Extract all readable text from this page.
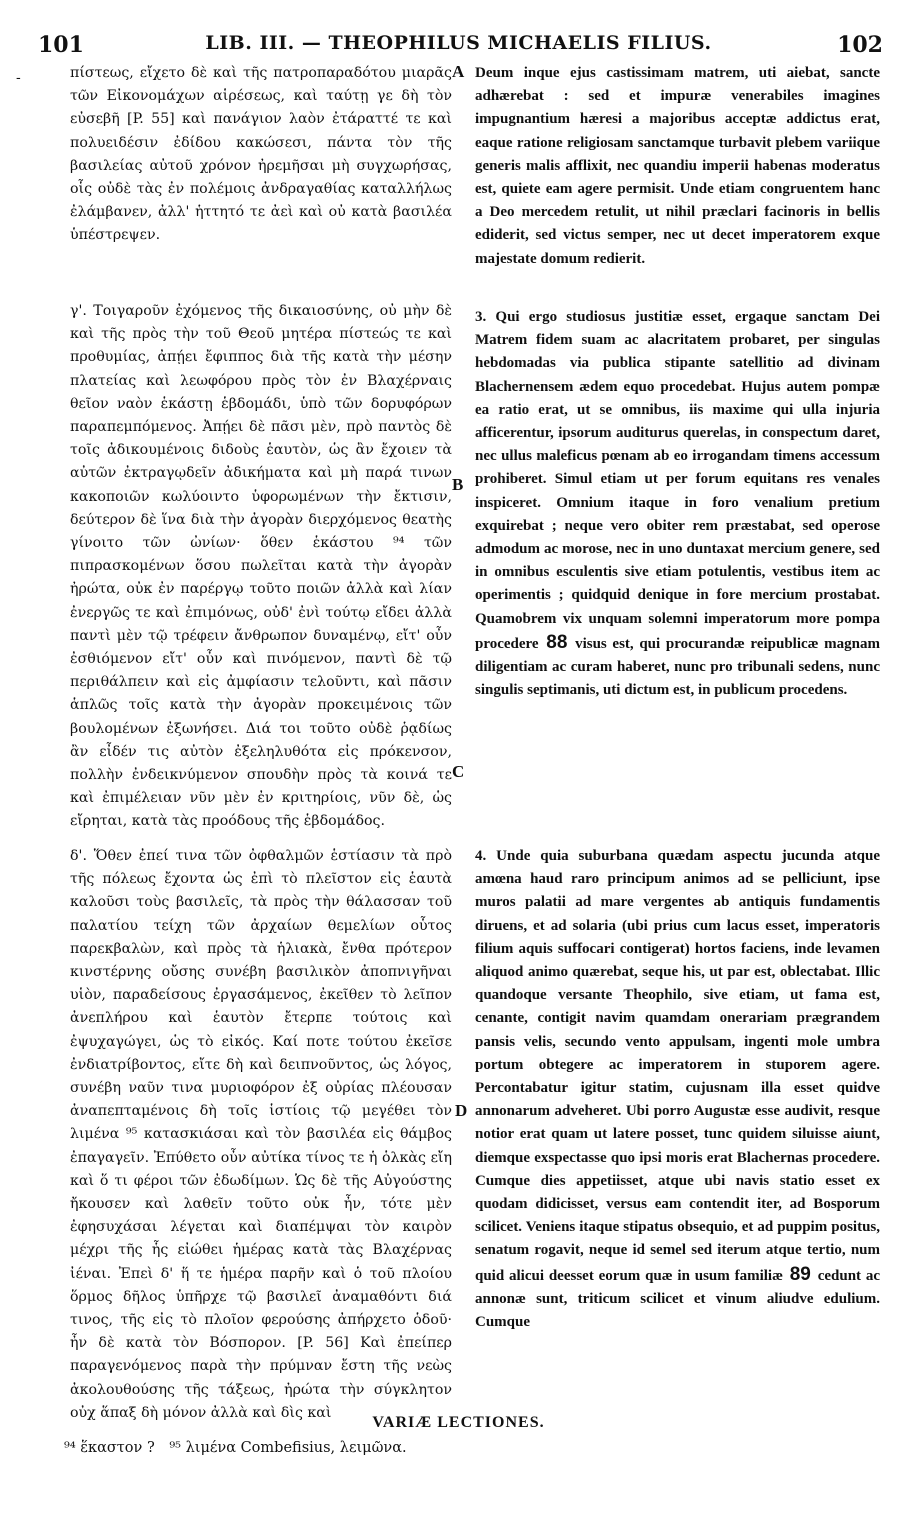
101	LIB. III. — THEOPHILUS MICHAELIS FILIUS.	102
-	A
B
C
D

πίστεως, εἴχετο δὲ καὶ τῆς πατροπαραδότου μιαρᾶς τῶν Εἰκονομάχων αἱρέσεως, καὶ ταύτῃ γε δὴ τὸν εὐσεβῆ [P. 55] καὶ πανάγιον λαὸν ἐτάραττέ τε καὶ πολυειδέσιν ἐδίδου κακώσεσι, πάντα τὸν τῆς βασιλείας αὐτοῦ χρόνον ἠρεμῆσαι μὴ συγχωρήσας, οἷς οὐδὲ τὰς ἐν πολέμοις ἀνδραγαθίας καταλλήλως ἐλάμβανεν, ἀλλ' ἡττητό τε ἀεὶ καὶ οὐ κατὰ βασιλέα ὑπέστρεψεν.

γ'. Τοιγαροῦν ἐχόμενος τῆς δικαιοσύνης, οὐ μὴν δὲ καὶ τῆς πρὸς τὴν τοῦ Θεοῦ μητέρα πίστεώς τε καὶ προθυμίας, ἀπῄει ἔφιππος διὰ τῆς κατὰ τὴν μέσην πλατείας καὶ λεωφόρου πρὸς τὸν ἐν Βλαχέρναις θεῖον ναὸν ἑκάστῃ ἑβδομάδι, ὑπὸ τῶν δορυφόρων παραπεμπόμενος. Ἀπῄει δὲ πᾶσι μὲν, πρὸ παντὸς δὲ τοῖς ἀδικουμένοις διδοὺς ἑαυτὸν, ὡς ἂν ἔχοιεν τὰ αὐτῶν ἐκτραγῳδεῖν ἀδικήματα καὶ μὴ παρά τινων κακοποιῶν κωλύοιντο ὑφορωμένων τὴν ἔκτισιν, δεύτερον δὲ ἵνα διὰ τὴν ἀγορὰν διερχόμενος θεατὴς γίνοιτο τῶν ὠνίων· ὅθεν ἑκάστου ⁹⁴ τῶν πιπρασκομένων ὅσου πωλεῖται κατὰ τὴν ἀγορὰν ἠρώτα, οὐκ ἐν παρέργῳ τοῦτο ποιῶν ἀλλὰ καὶ λίαν ἐνεργῶς τε καὶ ἐπιμόνως, οὐδ' ἐνὶ τούτῳ εἴδει ἀλλὰ παντὶ μὲν τῷ τρέφειν ἄνθρωπον δυναμένῳ, εἴτ' οὖν ἐσθιόμενον εἴτ' οὖν καὶ πινόμενον, παντὶ δὲ τῷ περιθάλπειν καὶ εἰς ἀμφίασιν τελοῦντι, καὶ πᾶσιν ἁπλῶς τοῖς κατὰ τὴν ἀγορὰν προκειμένοις τῶν βουλομένων ἐξωνήσει. Διά τοι τοῦτο οὐδὲ ῥᾳδίως ἂν εἶδέν τις αὐτὸν ἐξεληλυθότα εἰς πρόκενσον, πολλὴν ἐνδεικνύμενον σπουδὴν πρὸς τὰ κοινά τε καὶ ἐπιμέλειαν νῦν μὲν ἐν κριτηρίοις, νῦν δὲ, ὡς εἴρηται, κατὰ τὰς προόδους τῆς ἑβδομάδος.

δ'. Ὅθεν ἐπεί τινα τῶν ὀφθαλμῶν ἑστίασιν τὰ πρὸ τῆς πόλεως ἔχοντα ὡς ἐπὶ τὸ πλεῖστον εἰς ἑαυτὰ καλοῦσι τοὺς βασιλεῖς, τὰ πρὸς τὴν θάλασσαν τοῦ παλατίου τείχη τῶν ἀρχαίων θεμελίων οὗτος παρεκβαλὼν, καὶ πρὸς τὰ ἡλιακὰ, ἔνθα πρότερον κινστέρνης οὔσης συνέβη βασιλικὸν ἀποπνιγῆναι υἱὸν, παραδείσους ἐργασάμενος, ἐκεῖθεν τὸ λεῖπον ἀνεπλήρου καὶ ἑαυτὸν ἔτερπε τούτοις καὶ ἐψυχαγώγει, ὡς τὸ εἰκός. Καί ποτε τούτου ἐκεῖσε ἐνδιατρίβοντος, εἴτε δὴ καὶ δειπνοῦντος, ὡς λόγος, συνέβη ναῦν τινα μυριοφόρον ἐξ οὐρίας πλέουσαν ἀναπεπταμένοις δὴ τοῖς ἱστίοις τῷ μεγέθει τὸν λιμένα ⁹⁵ κατασκιάσαι καὶ τὸν βασιλέα εἰς θάμβος ἐπαγαγεῖν. Ἐπύθετο οὖν αὐτίκα τίνος τε ἡ ὁλκὰς εἴη καὶ ὅ τι φέροι τῶν ἐδωδίμων. Ὡς δὲ τῆς Αὐγούστης ἤκουσεν καὶ λαθεῖν τοῦτο οὐκ ἦν, τότε μὲν ἐφησυχάσαι λέγεται καὶ διαπέμψαι τὸν καιρὸν μέχρι τῆς ἧς εἰώθει ἡμέρας κατὰ τὰς Βλαχέρνας ἰέναι. Ἐπεὶ δ' ἥ τε ἡμέρα παρῆν καὶ ὁ τοῦ πλοίου ὅρμος δῆλος ὑπῆρχε τῷ βασιλεῖ ἀναμαθόντι διά τινος, τῆς εἰς τὸ πλοῖον φερούσης ἀπήρχετο ὁδοῦ· ἦν δὲ κατὰ τὸν Βόσπορον. [P. 56] Καὶ ἐπείπερ παραγενόμενος παρὰ τὴν πρύμναν ἔστη τῆς νεὼς ἀκολουθούσης τῆς τάξεως, ἠρώτα τὴν σύγκλητον οὐχ ἅπαξ δὴ μόνον ἀλλὰ καὶ δὶς καὶ

Deum inque ejus castissimam matrem, uti aiebat, sancte adhærebat : sed et impuræ venerabiles imagines impugnantium hæresi a majoribus acceptæ addictus erat, eaque ratione religiosam sanctamque turbavit plebem variique generis malis afflixit, nec quandiu imperii habenas moderatus est, quiete eam agere permisit. Unde etiam congruentem hanc a Deo mercedem retulit, ut nihil præclari facinoris in bellis ediderit, sed victus semper, nec ut decet imperatorem exque majestate domum redierit.

3. Qui ergo studiosus justitiæ esset, ergaque sanctam Dei Matrem fidem suam ac alacritatem probaret, per singulas hebdomadas via publica stipante satellitio ad divinam Blachernensem ædem equo procedebat. Hujus autem pompæ ea ratio erat, ut se omnibus, iis maxime qui ulla injuria afficerentur, ipsorum auditurus querelas, in conspectum daret, nec ullus maleficus pœnam ab eo irrogandam timens accessum prohiberet. Simul etiam ut per forum equitans res venales inspiceret. Omnium itaque in foro venalium pretium exquirebat ; neque vero obiter rem præstabat, sed operose admodum ac morose, nec in uno duntaxat mercium genere, sed in omnibus esculentis sive etiam potulentis, vestibus item ac operimentis ; quidquid denique in fore mercium prostabat. Quamobrem vix unquam solemni imperatorum more pompa procedere 88 visus est, qui procurandæ reipublicæ magnam diligentiam ac curam haberet, nunc pro tribunali sedens, nunc singulis septimanis, uti dictum est, in publicum procedens.

4. Unde quia suburbana quædam aspectu jucunda atque amœna haud raro principum animos ad se pelliciunt, ipse muros palatii ad mare vergentes ab antiquis fundamentis diruens, et ad solaria (ubi prius cum lacus esset, imperatoris filium aquis suffocari contigerat) hortos faciens, inde levamen aliquod animo quærebat, seque his, ut par est, oblectabat. Illic quandoque versante Theophilo, sive etiam, ut fama est, cenante, contigit navim quamdam onerariam prægrandem pansis velis, secundo vento appulsam, ingenti mole umbra portum obtegere ac imperatorem in stuporem agere. Percontabatur igitur statim, cujusnam illa esset quidve annonarum adveheret. Ubi porro Augustæ esse audivit, resque notior erat quam ut latere posset, tunc quidem siluisse aiunt, diemque exspectasse quo ipsi moris erat Blachernas procedere. Cumque dies appetiisset, atque ubi navis statio esset ex quodam didicisset, versus eam contendit iter, ad Bosporum scilicet. Veniens itaque stipatus obsequio, et ad puppim positus, senatum rogavit, neque id semel sed iterum atque tertio, num quid alicui deesset eorum quæ in usum familiæ 89 cedunt ac annonæ sunt, triticum scilicet et vinum aliudve edulium. Cumque

VARIÆ LECTIONES.
⁹⁴ ἕκαστον ? ⁹⁵ λιμένα Combefisius, λειμῶνα.
